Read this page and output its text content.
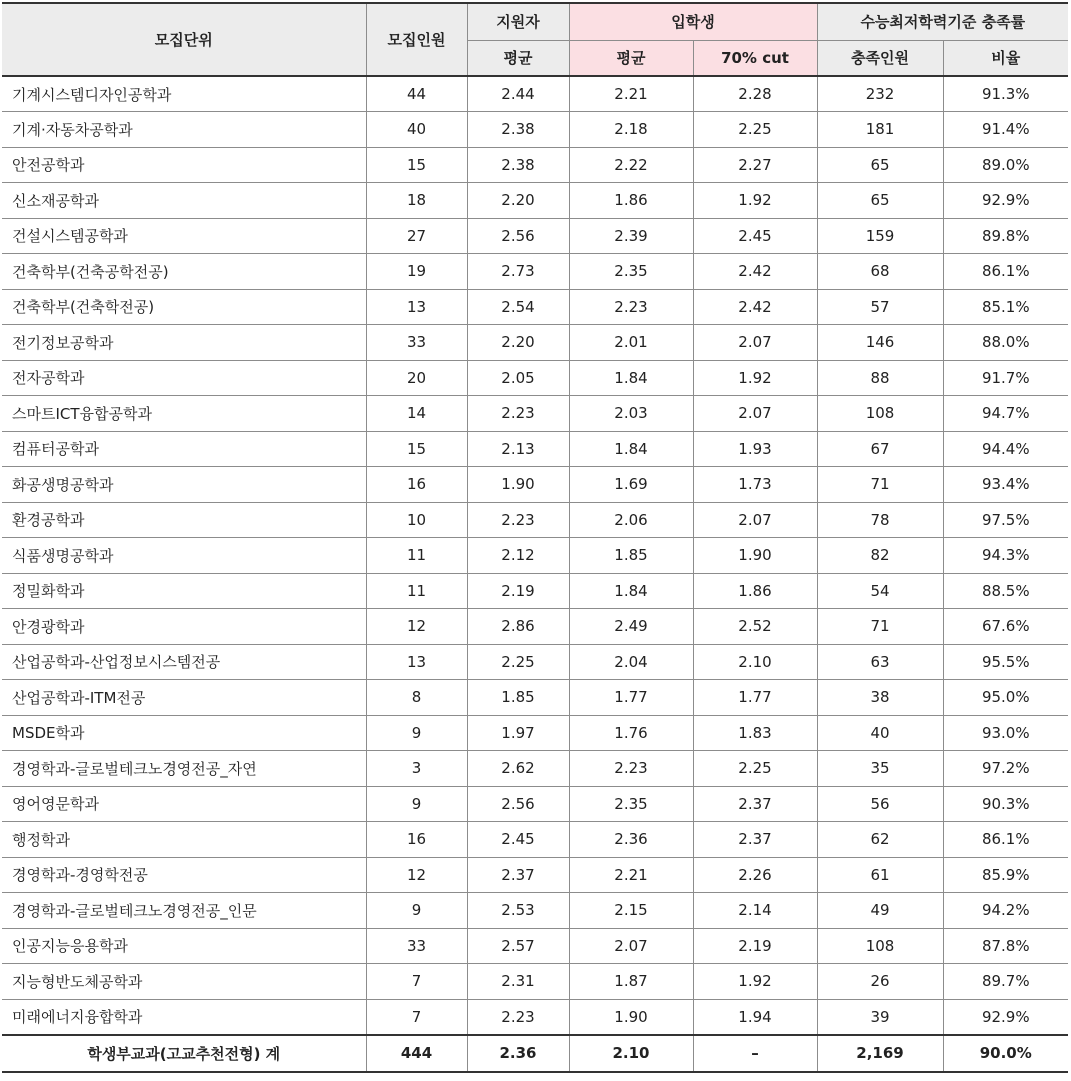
모집단위	모집인원	지원자	입학생		수능최저학력기준 충족률	
		평균	평균	70% cut	충족인원	비율
기계시스템디자인공학과	44	2.44	2.21	2.28	232	91.3%
기계·자동차공학과	40	2.38	2.18	2.25	181	91.4%
안전공학과	15	2.38	2.22	2.27	65	89.0%
신소재공학과	18	2.20	1.86	1.92	65	92.9%
건설시스템공학과	27	2.56	2.39	2.45	159	89.8%
건축학부(건축공학전공)	19	2.73	2.35	2.42	68	86.1%
건축학부(건축학전공)	13	2.54	2.23	2.42	57	85.1%
전기정보공학과	33	2.20	2.01	2.07	146	88.0%
전자공학과	20	2.05	1.84	1.92	88	91.7%
스마트ICT융합공학과	14	2.23	2.03	2.07	108	94.7%
컴퓨터공학과	15	2.13	1.84	1.93	67	94.4%
화공생명공학과	16	1.90	1.69	1.73	71	93.4%
환경공학과	10	2.23	2.06	2.07	78	97.5%
식품생명공학과	11	2.12	1.85	1.90	82	94.3%
정밀화학과	11	2.19	1.84	1.86	54	88.5%
안경광학과	12	2.86	2.49	2.52	71	67.6%
산업공학과-산업정보시스템전공	13	2.25	2.04	2.10	63	95.5%
산업공학과-ITM전공	8	1.85	1.77	1.77	38	95.0%
MSDE학과	9	1.97	1.76	1.83	40	93.0%
경영학과-글로벌테크노경영전공_자연	3	2.62	2.23	2.25	35	97.2%
영어영문학과	9	2.56	2.35	2.37	56	90.3%
행정학과	16	2.45	2.36	2.37	62	86.1%
경영학과-경영학전공	12	2.37	2.21	2.26	61	85.9%
경영학과-글로벌테크노경영전공_인문	9	2.53	2.15	2.14	49	94.2%
인공지능응용학과	33	2.57	2.07	2.19	108	87.8%
지능형반도체공학과	7	2.31	1.87	1.92	26	89.7%
미래에너지융합학과	7	2.23	1.90	1.94	39	92.9%
학생부교과(고교추천전형) 계	444	2.36	2.10	–	2,169	90.0%
